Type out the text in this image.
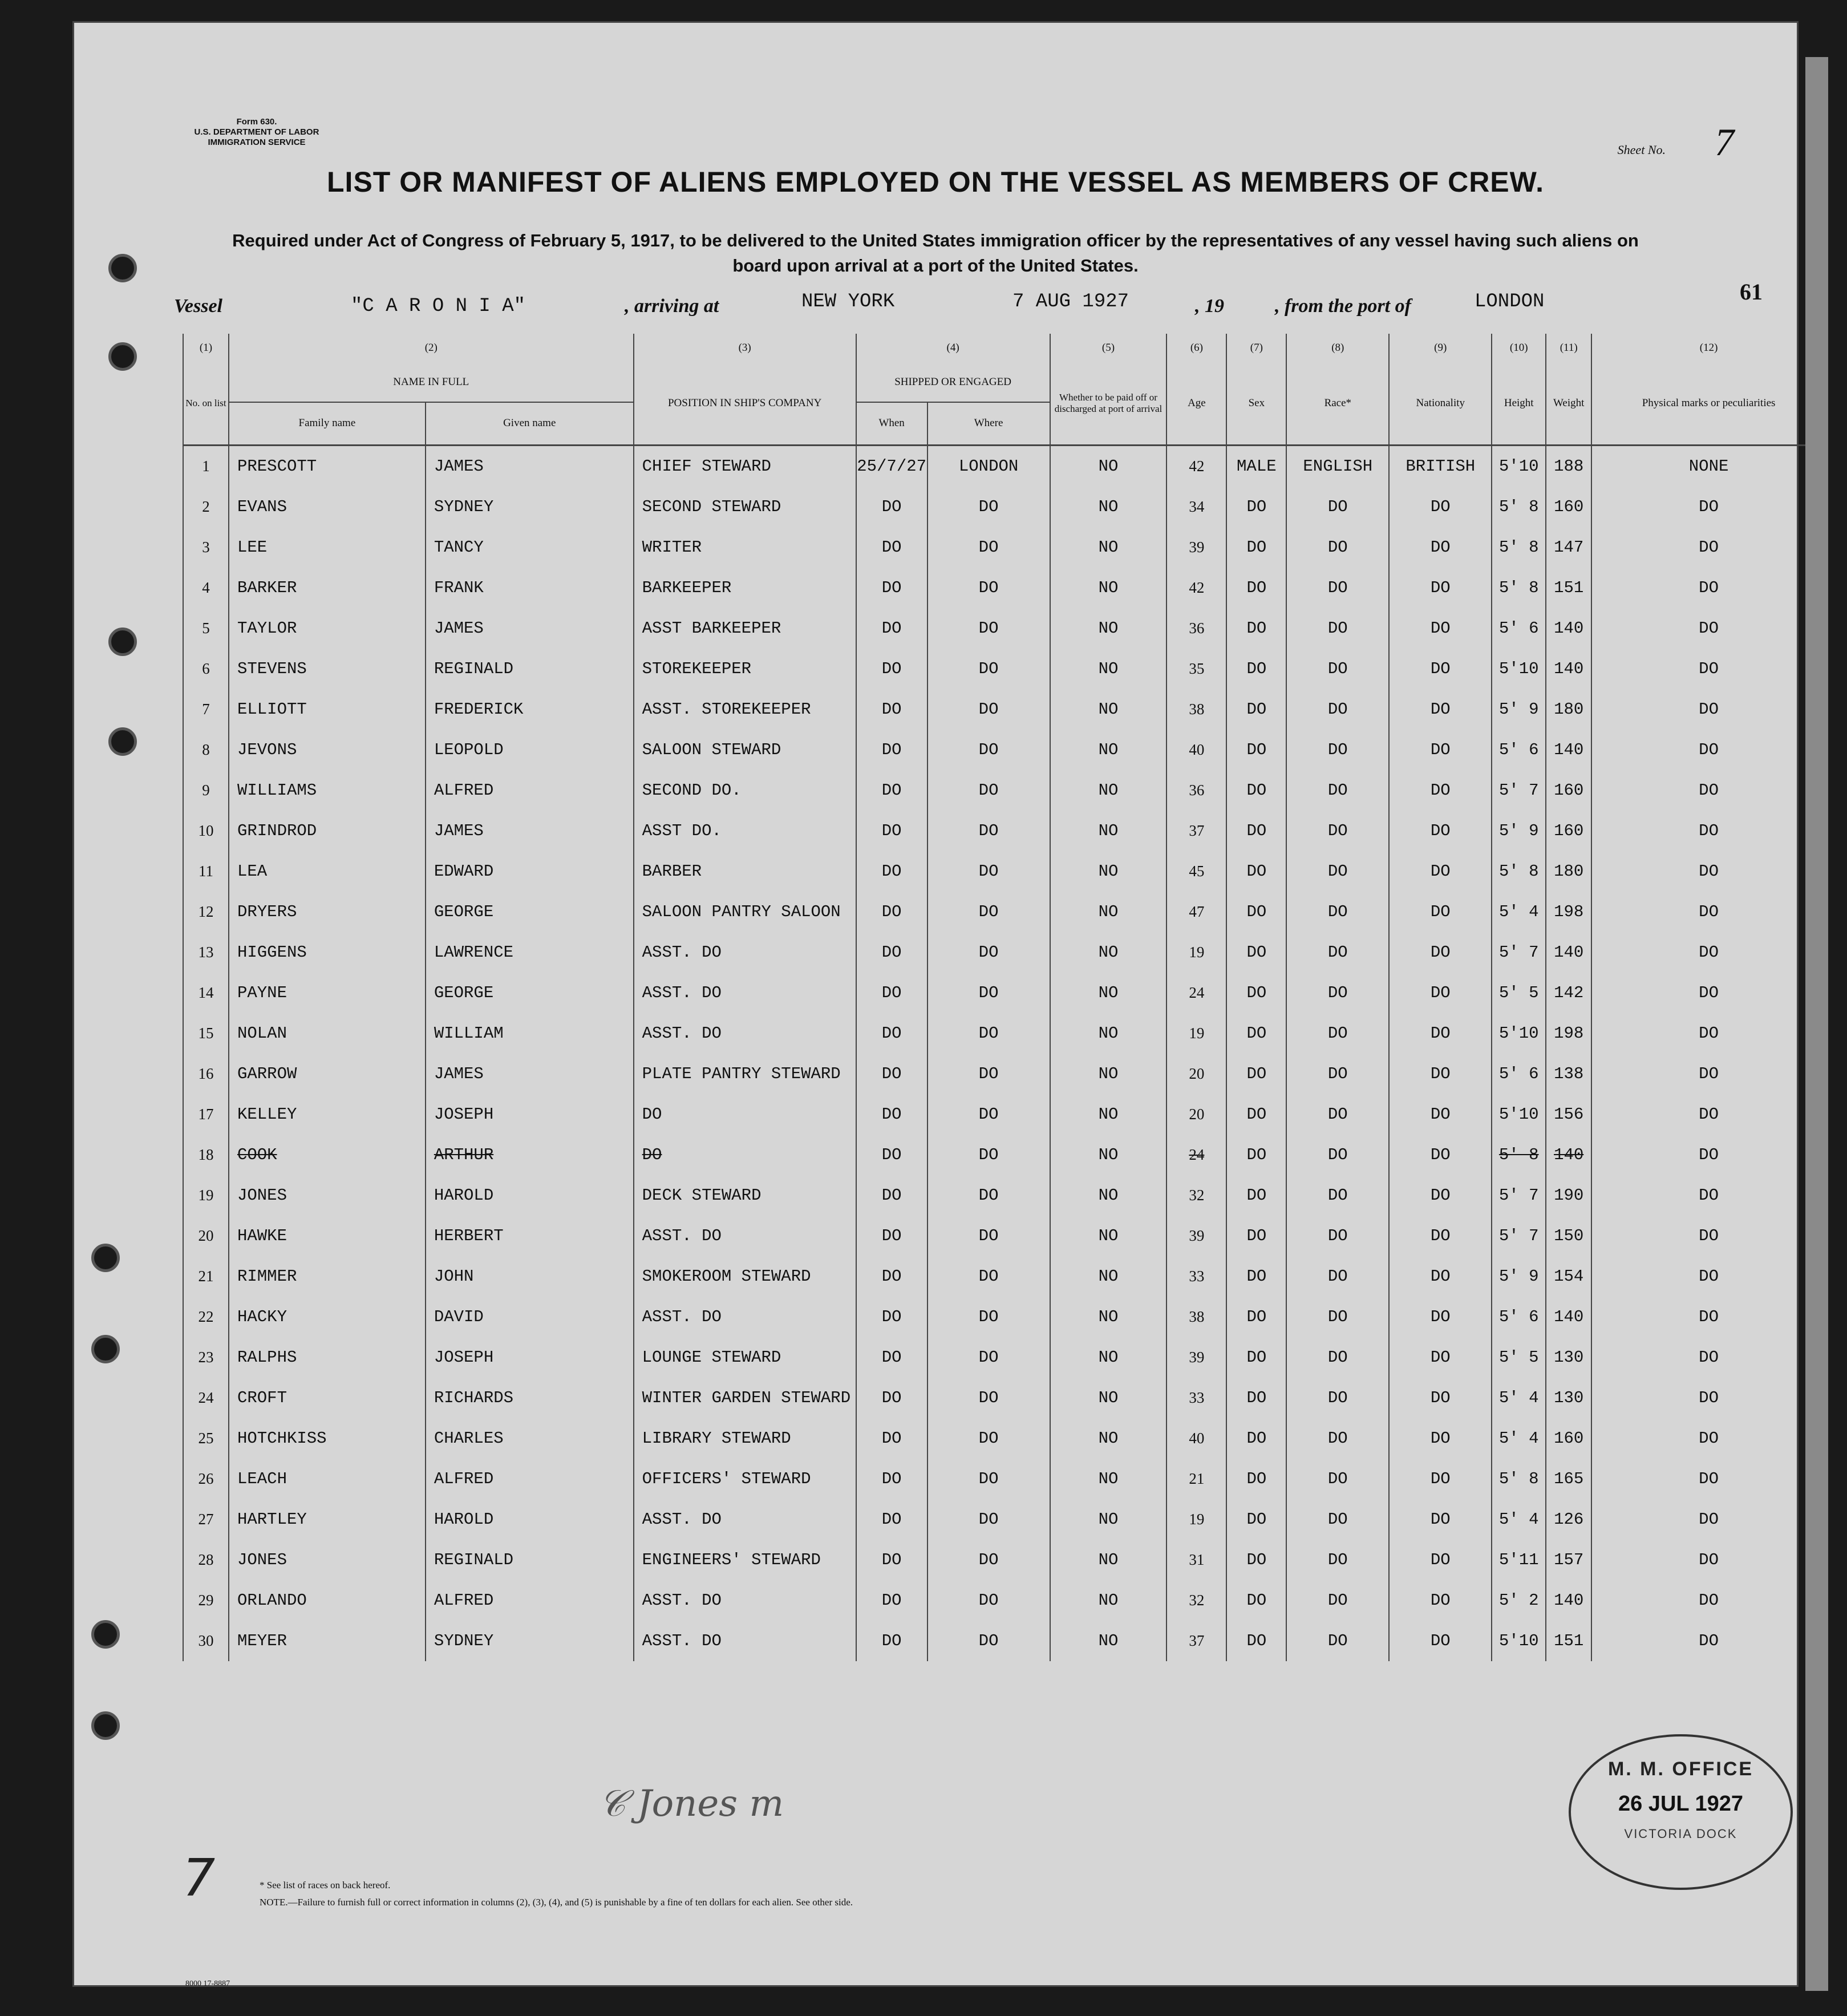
Form 630.
U.S. DEPARTMENT OF LABOR
IMMIGRATION SERVICE
Sheet No. 7
LIST OR MANIFEST OF ALIENS EMPLOYED ON THE VESSEL AS MEMBERS OF CREW.
Required under Act of Congress of February 5, 1917, to be delivered to the United States immigration officer by the representatives of any vessel having such aliens on board upon arrival at a port of the United States.
Vessel	"C A R O N I A"	, arriving at	NEW YORK	7 AUG 1927	, 19	, from the port of	LONDON	61
(1)	(2)		(3)	(4)		(5)	(6)	(7)	(8)	(9)	(10)	(11)	(12)
No. on list	NAME IN FULL		POSITION IN SHIP'S COMPANY	SHIPPED OR ENGAGED		Whether to be paid off or discharged at port of arrival	Age	Sex	Race*	Nationality	Height	Weight	Physical marks or peculiarities
	Family name	Given name		When	Where								
1	PRESCOTT	JAMES	CHIEF STEWARD	25/7/27	LONDON	NO	42	MALE	ENGLISH	BRITISH	5'10	188	NONE
2	EVANS	SYDNEY	SECOND STEWARD	DO	DO	NO	34	DO	DO	DO	5' 8	160	DO
3	LEE	TANCY	WRITER	DO	DO	NO	39	DO	DO	DO	5' 8	147	DO
4	BARKER	FRANK	BARKEEPER	DO	DO	NO	42	DO	DO	DO	5' 8	151	DO
5	TAYLOR	JAMES	ASST BARKEEPER	DO	DO	NO	36	DO	DO	DO	5' 6	140	DO
6	STEVENS	REGINALD	STOREKEEPER	DO	DO	NO	35	DO	DO	DO	5'10	140	DO
7	ELLIOTT	FREDERICK	ASST. STOREKEEPER	DO	DO	NO	38	DO	DO	DO	5' 9	180	DO
8	JEVONS	LEOPOLD	SALOON STEWARD	DO	DO	NO	40	DO	DO	DO	5' 6	140	DO
9	WILLIAMS	ALFRED	SECOND DO.	DO	DO	NO	36	DO	DO	DO	5' 7	160	DO
10	GRINDROD	JAMES	ASST DO.	DO	DO	NO	37	DO	DO	DO	5' 9	160	DO
11	LEA	EDWARD	BARBER	DO	DO	NO	45	DO	DO	DO	5' 8	180	DO
12	DRYERS	GEORGE	SALOON PANTRY SALOON	DO	DO	NO	47	DO	DO	DO	5' 4	198	DO
13	HIGGENS	LAWRENCE	ASST. DO	DO	DO	NO	19	DO	DO	DO	5' 7	140	DO
14	PAYNE	GEORGE	ASST. DO	DO	DO	NO	24	DO	DO	DO	5' 5	142	DO
15	NOLAN	WILLIAM	ASST. DO	DO	DO	NO	19	DO	DO	DO	5'10	198	DO
16	GARROW	JAMES	PLATE PANTRY STEWARD	DO	DO	NO	20	DO	DO	DO	5' 6	138	DO
17	KELLEY	JOSEPH	DO	DO	DO	NO	20	DO	DO	DO	5'10	156	DO
18	COOK	ARTHUR	DO	DO	DO	NO	24	DO	DO	DO	5' 8	140	DO
19	JONES	HAROLD	DECK STEWARD	DO	DO	NO	32	DO	DO	DO	5' 7	190	DO
20	HAWKE	HERBERT	ASST. DO	DO	DO	NO	39	DO	DO	DO	5' 7	150	DO
21	RIMMER	JOHN	SMOKEROOM STEWARD	DO	DO	NO	33	DO	DO	DO	5' 9	154	DO
22	HACKY	DAVID	ASST. DO	DO	DO	NO	38	DO	DO	DO	5' 6	140	DO
23	RALPHS	JOSEPH	LOUNGE STEWARD	DO	DO	NO	39	DO	DO	DO	5' 5	130	DO
24	CROFT	RICHARDS	WINTER GARDEN STEWARD	DO	DO	NO	33	DO	DO	DO	5' 4	130	DO
25	HOTCHKISS	CHARLES	LIBRARY STEWARD	DO	DO	NO	40	DO	DO	DO	5' 4	160	DO
26	LEACH	ALFRED	OFFICERS' STEWARD	DO	DO	NO	21	DO	DO	DO	5' 8	165	DO
27	HARTLEY	HAROLD	ASST. DO	DO	DO	NO	19	DO	DO	DO	5' 4	126	DO
28	JONES	REGINALD	ENGINEERS' STEWARD	DO	DO	NO	31	DO	DO	DO	5'11	157	DO
29	ORLANDO	ALFRED	ASST. DO	DO	DO	NO	32	DO	DO	DO	5' 2	140	DO
30	MEYER	SYDNEY	ASST. DO	DO	DO	NO	37	DO	DO	DO	5'10	151	DO
𝒞 Jones m
M. M. OFFICE
26 JUL 1927
VICTORIA DOCK
7	* See list of races on back hereof.
NOTE.—Failure to furnish full or correct information in columns (2), (3), (4), and (5) is punishable by a fine of ten dollars for each alien. See other side.
8000 17-8887
